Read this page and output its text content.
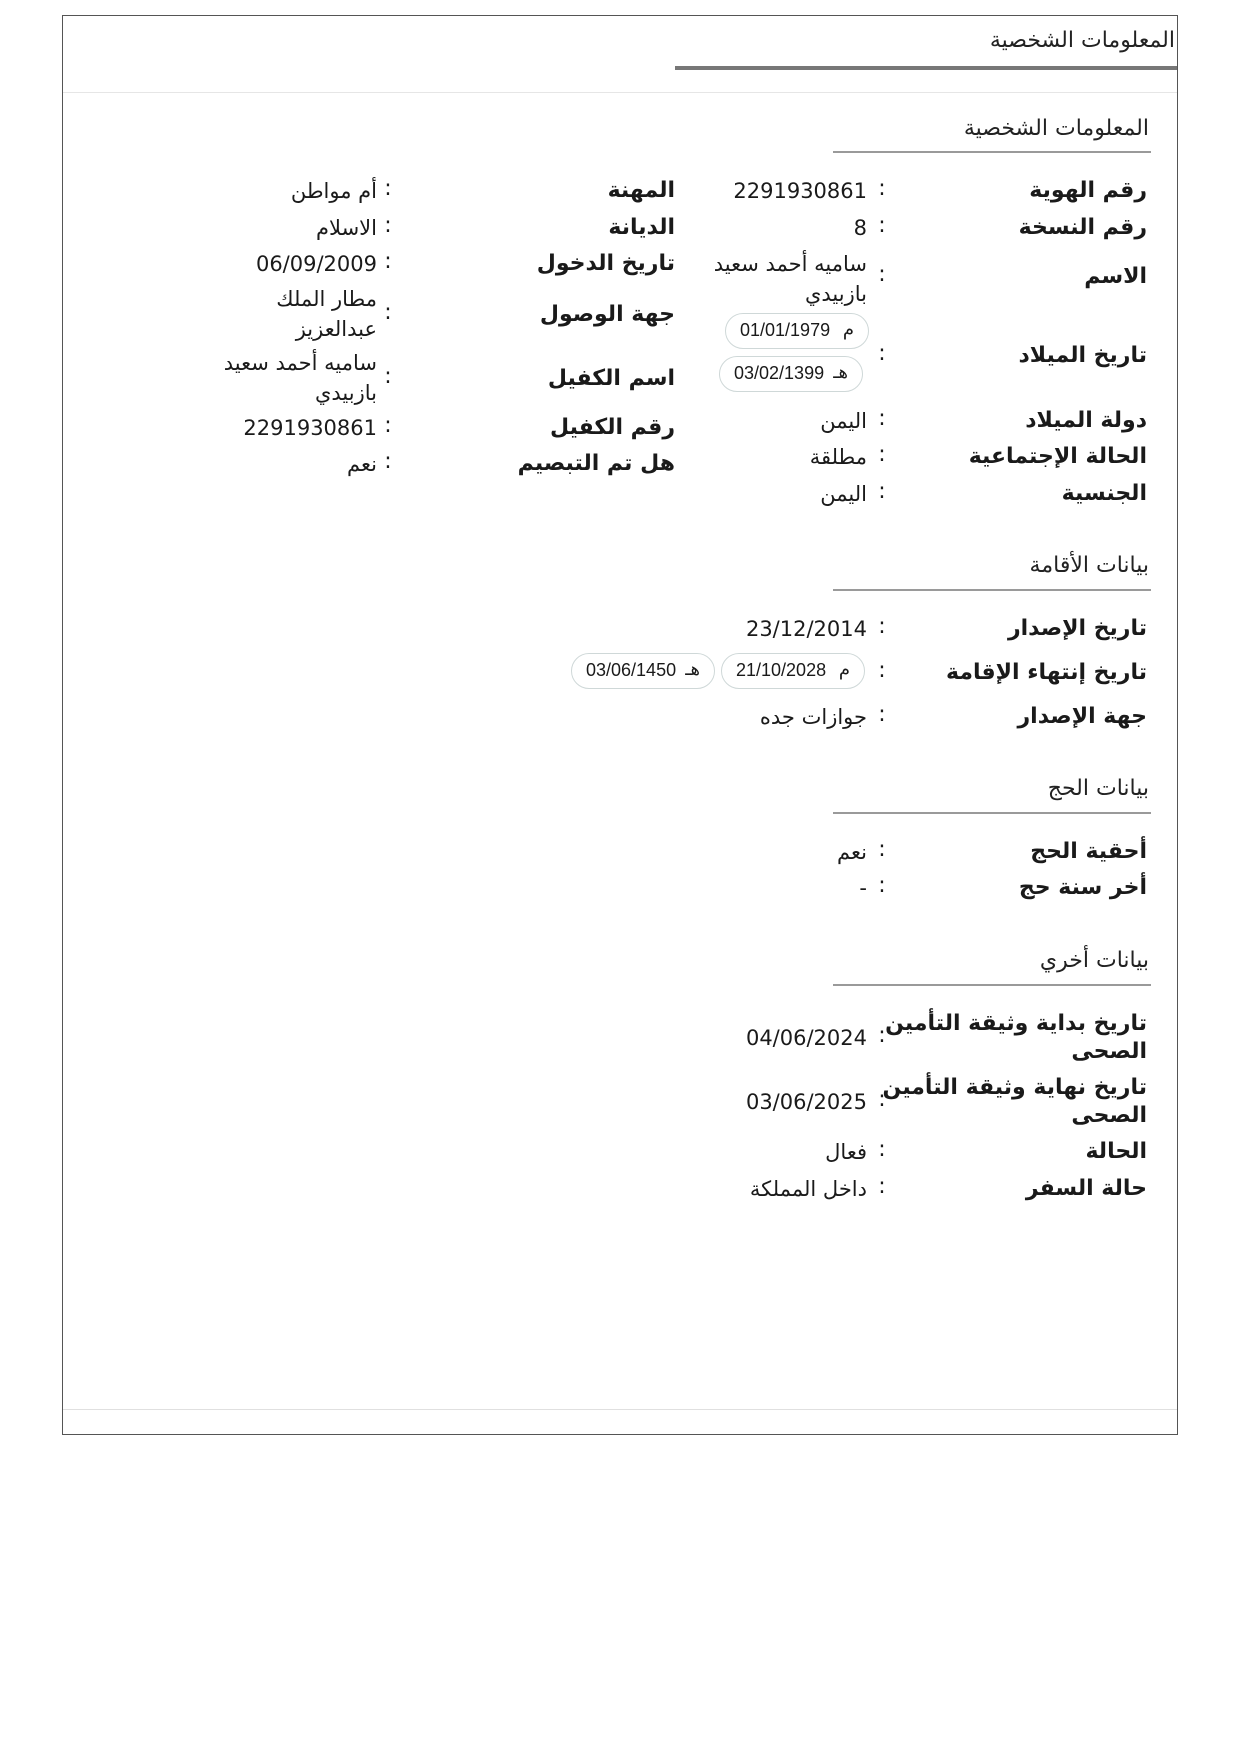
المعلومات الشخصية
المعلومات الشخصية
رقم الهوية
:
2291930861
رقم النسخة
:
8
الاسم
:
ساميه أحمد سعيد
بازبيدي
تاريخ الميلاد
:
م
01/01/1979
هـ
03/02/1399
دولة الميلاد
:
اليمن
الحالة الإجتماعية
:
مطلقة
الجنسية
:
اليمن
المهنة
:
أم مواطن
الديانة
:
الاسلام
تاريخ الدخول
:
06/09/2009
جهة الوصول
:
مطار الملك
عبدالعزيز
اسم الكفيل
:
ساميه أحمد سعيد
بازبيدي
رقم الكفيل
:
2291930861
هل تم التبصيم
:
نعم
بيانات الأقامة
تاريخ الإصدار
:
23/12/2014
تاريخ إنتهاء الإقامة
:
م
21/10/2028
هـ
03/06/1450
جهة الإصدار
:
جوازات جده
بيانات الحج
أحقية الحج
:
نعم
أخر سنة حج
:
-
بيانات أخري
تاريخ بداية وثيقة التأمين
الصحى
:
04/06/2024
تاريخ نهاية وثيقة التأمين
الصحى
:
03/06/2025
الحالة
:
فعال
حالة السفر
:
داخل المملكة
